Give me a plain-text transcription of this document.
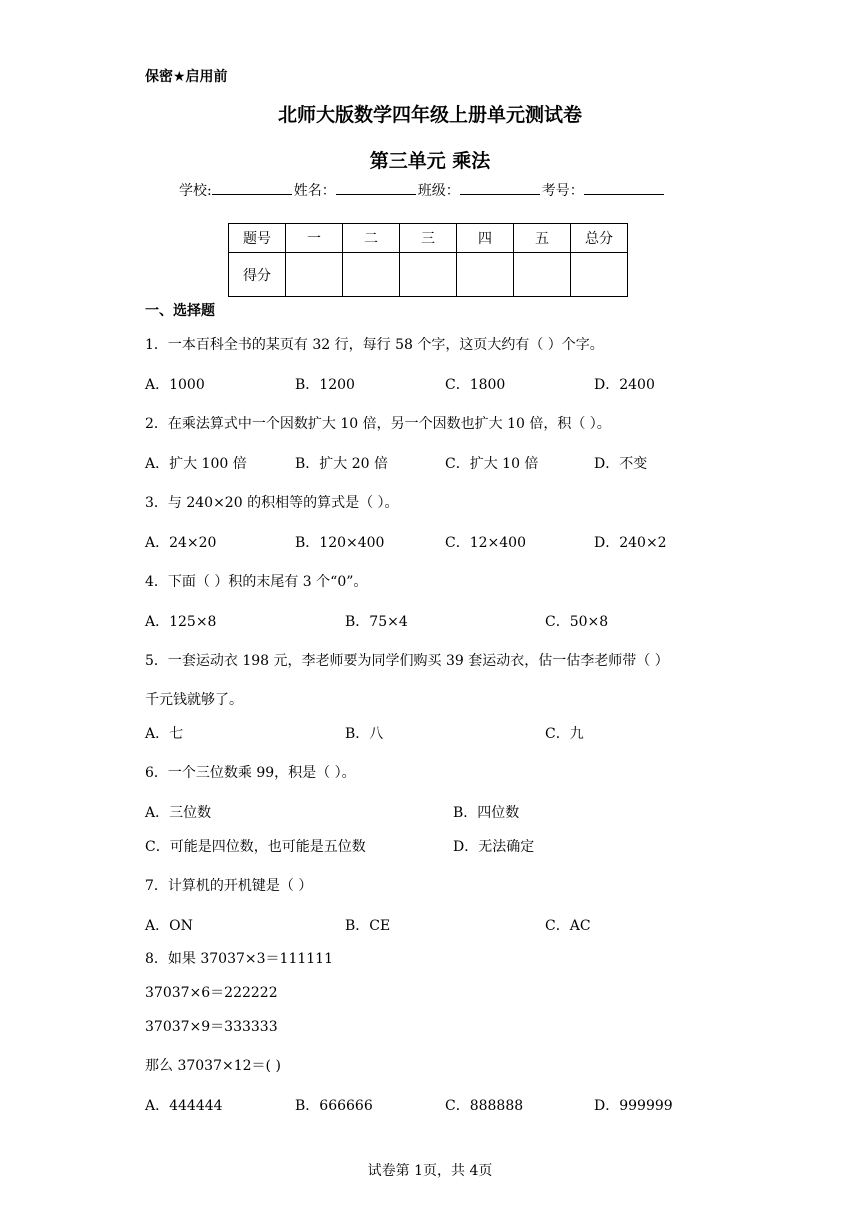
保密★启用前
北师大版数学四年级上册单元测试卷
第三单元 乘法
学校:	姓名：	班级：	考号：
题号	一	二	三	四	五	总分
得分						
一、选择题
1．一本百科全书的某页有 32 行，每行 58 个字，这页大约有（ ）个字。
A．1000	B．1200	C．1800	D．2400
2．在乘法算式中一个因数扩大 10 倍，另一个因数也扩大 10 倍，积（ ）。
A．扩大 100 倍	B．扩大 20 倍	C．扩大 10 倍	D．不变
3．与 240×20 的积相等的算式是（ ）。
A．24×20	B．120×400	C．12×400	D．240×2
4．下面（ ）积的末尾有 3 个“0”。
A．125×8	B．75×4	C．50×8
5．一套运动衣 198 元，李老师要为同学们购买 39 套运动衣，估一估李老师带（ ）
千元钱就够了。
A．七	B．八	C．九
6．一个三位数乘 99，积是（ ）。
A．三位数	B．四位数
C．可能是四位数，也可能是五位数	D．无法确定
7．计算机的开机键是（ ）
A．ON	B．CE	C．AC
8．如果 37037×3＝111111
37037×6＝222222
37037×9＝333333
那么 37037×12＝( )
A．444444	B．666666	C．888888	D．999999
试卷第 1页，共 4页
